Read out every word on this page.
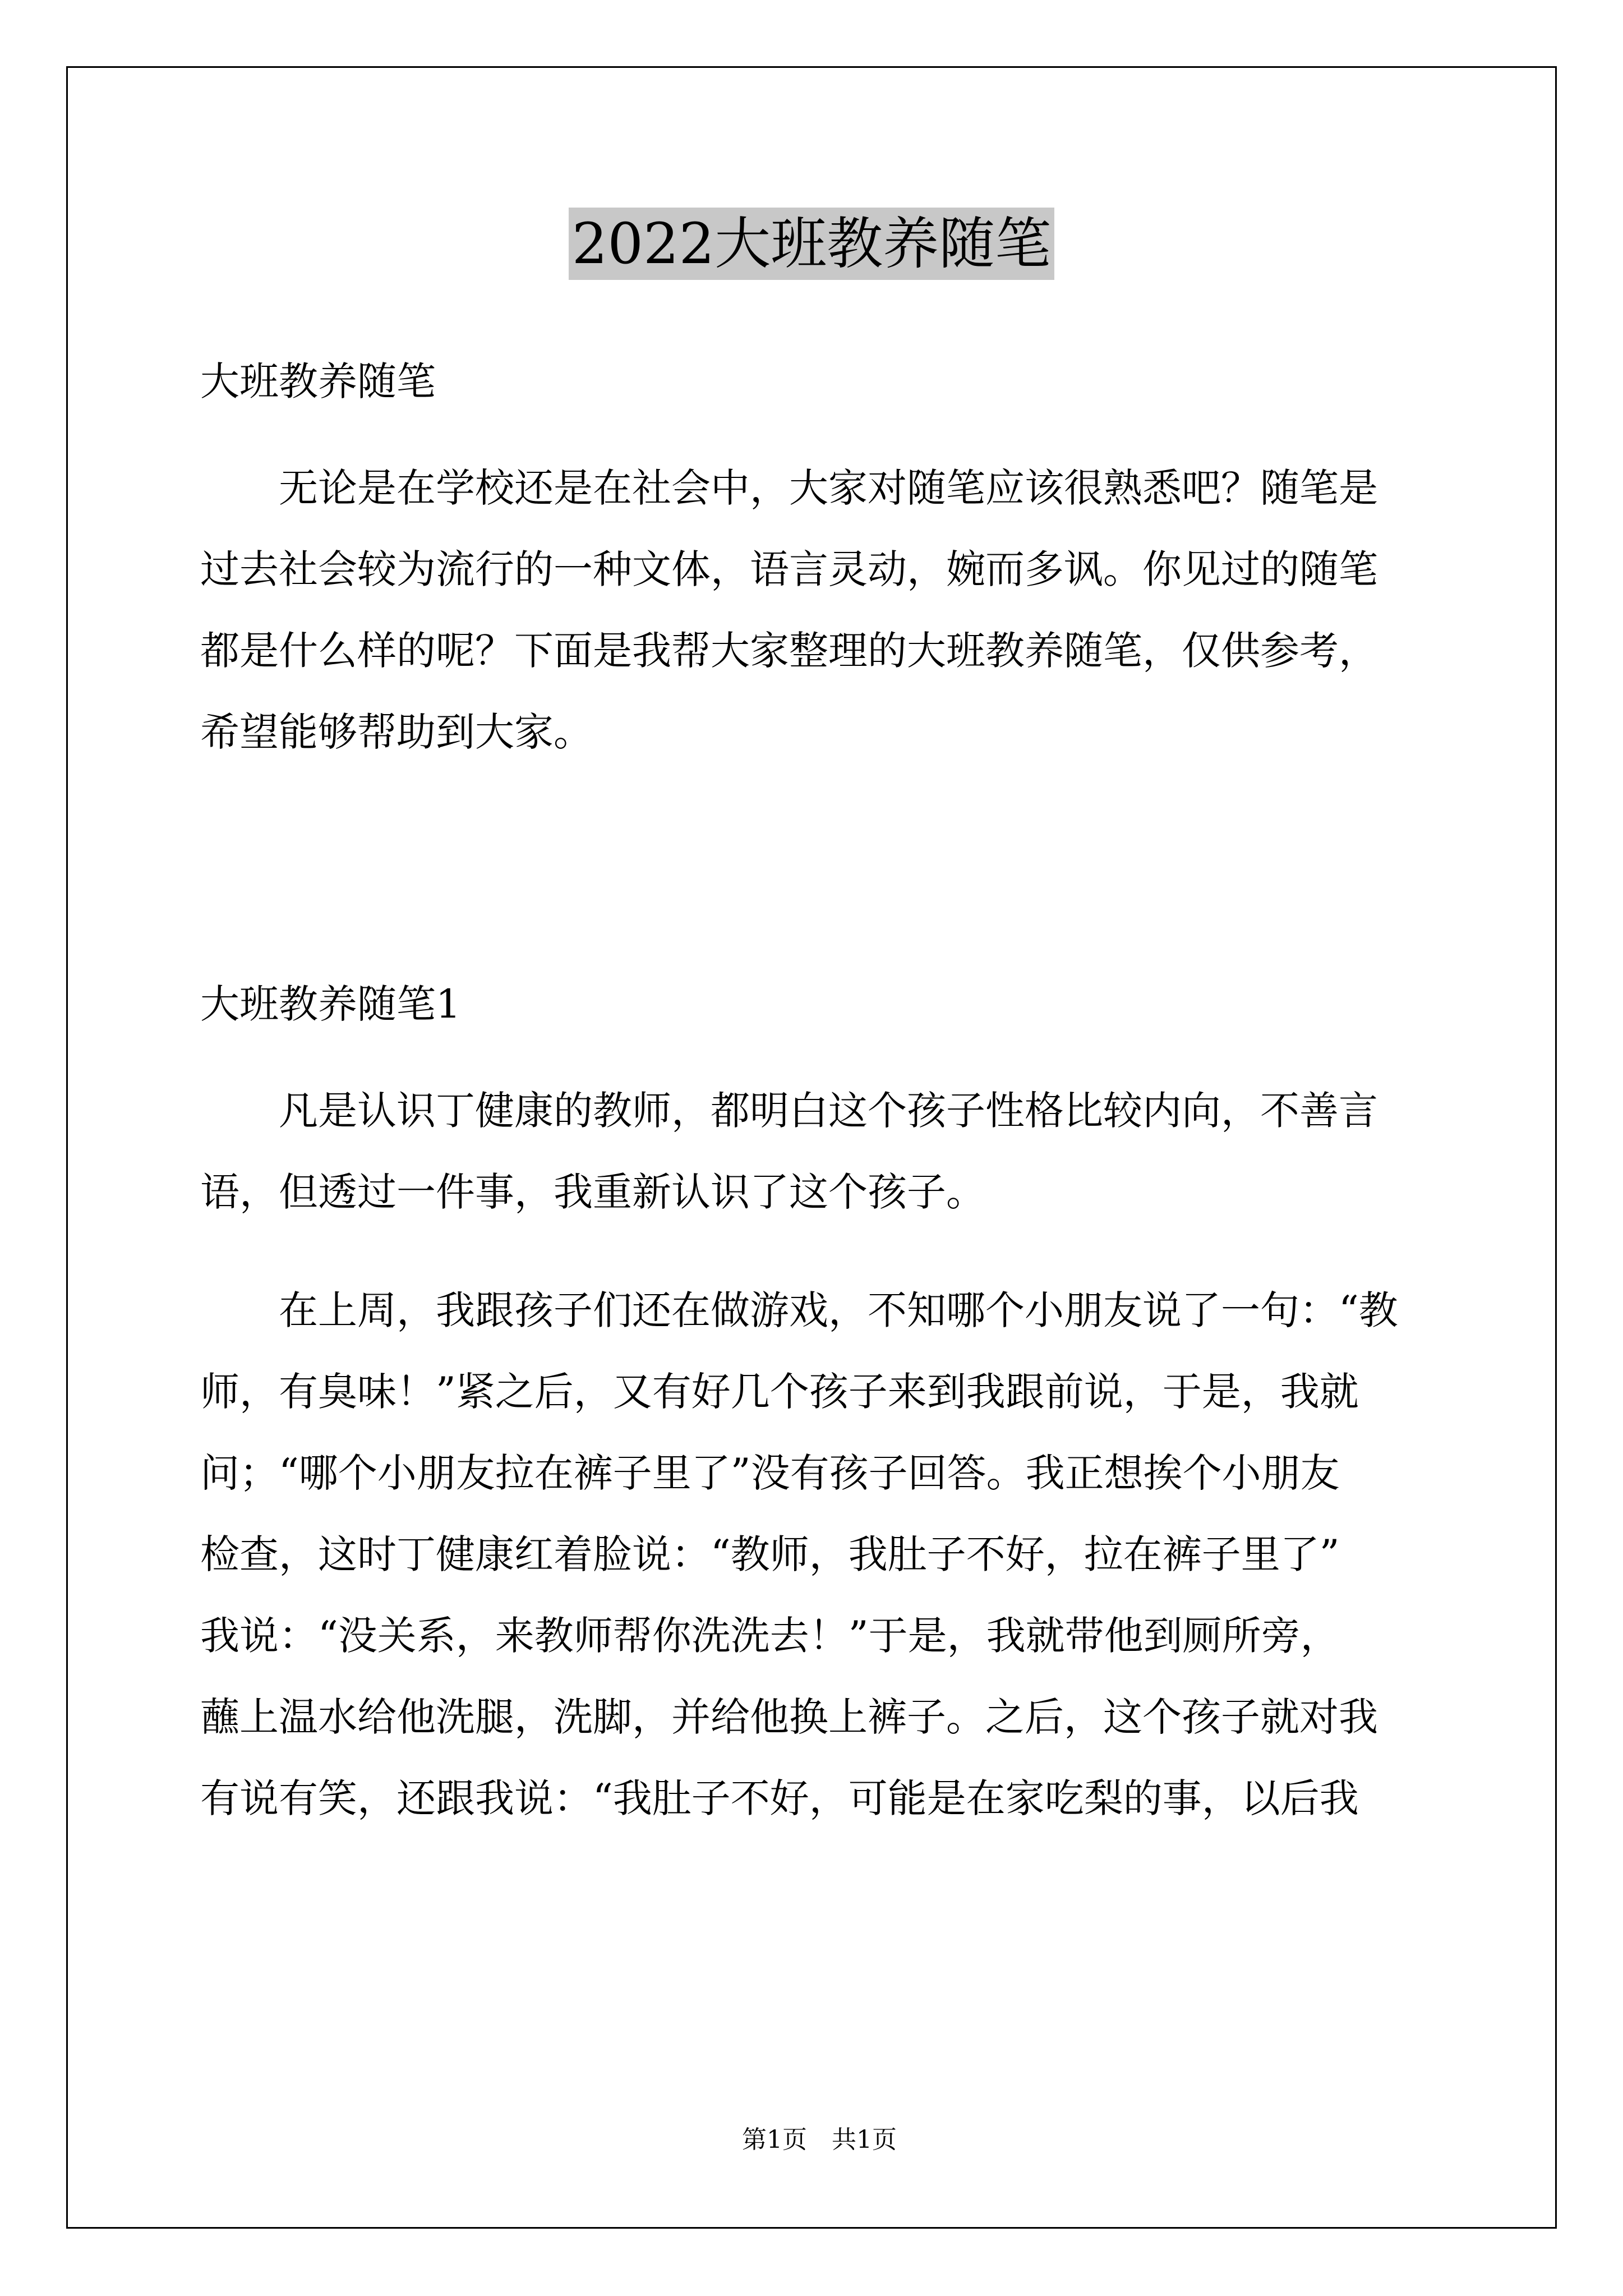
2022大班教养随笔
大班教养随笔
　　无论是在学校还是在社会中，大家对随笔应该很熟悉吧？随笔是
过去社会较为流行的一种文体，语言灵动，婉而多讽。你见过的随笔
都是什么样的呢？下面是我帮大家整理的大班教养随笔，仅供参考，
希望能够帮助到大家。
大班教养随笔1
　　凡是认识丁健康的教师，都明白这个孩子性格比较内向，不善言
语，但透过一件事，我重新认识了这个孩子。
　　在上周，我跟孩子们还在做游戏，不知哪个小朋友说了一句：“教
师，有臭味！”紧之后，又有好几个孩子来到我跟前说，于是，我就
问；“哪个小朋友拉在裤子里了”没有孩子回答。我正想挨个小朋友
检查，这时丁健康红着脸说：“教师，我肚子不好，拉在裤子里了”
我说：“没关系，来教师帮你洗洗去！”于是，我就带他到厕所旁，
蘸上温水给他洗腿，洗脚，并给他换上裤子。之后，这个孩子就对我
有说有笑，还跟我说：“我肚子不好，可能是在家吃梨的事，以后我

第1页　共1页
